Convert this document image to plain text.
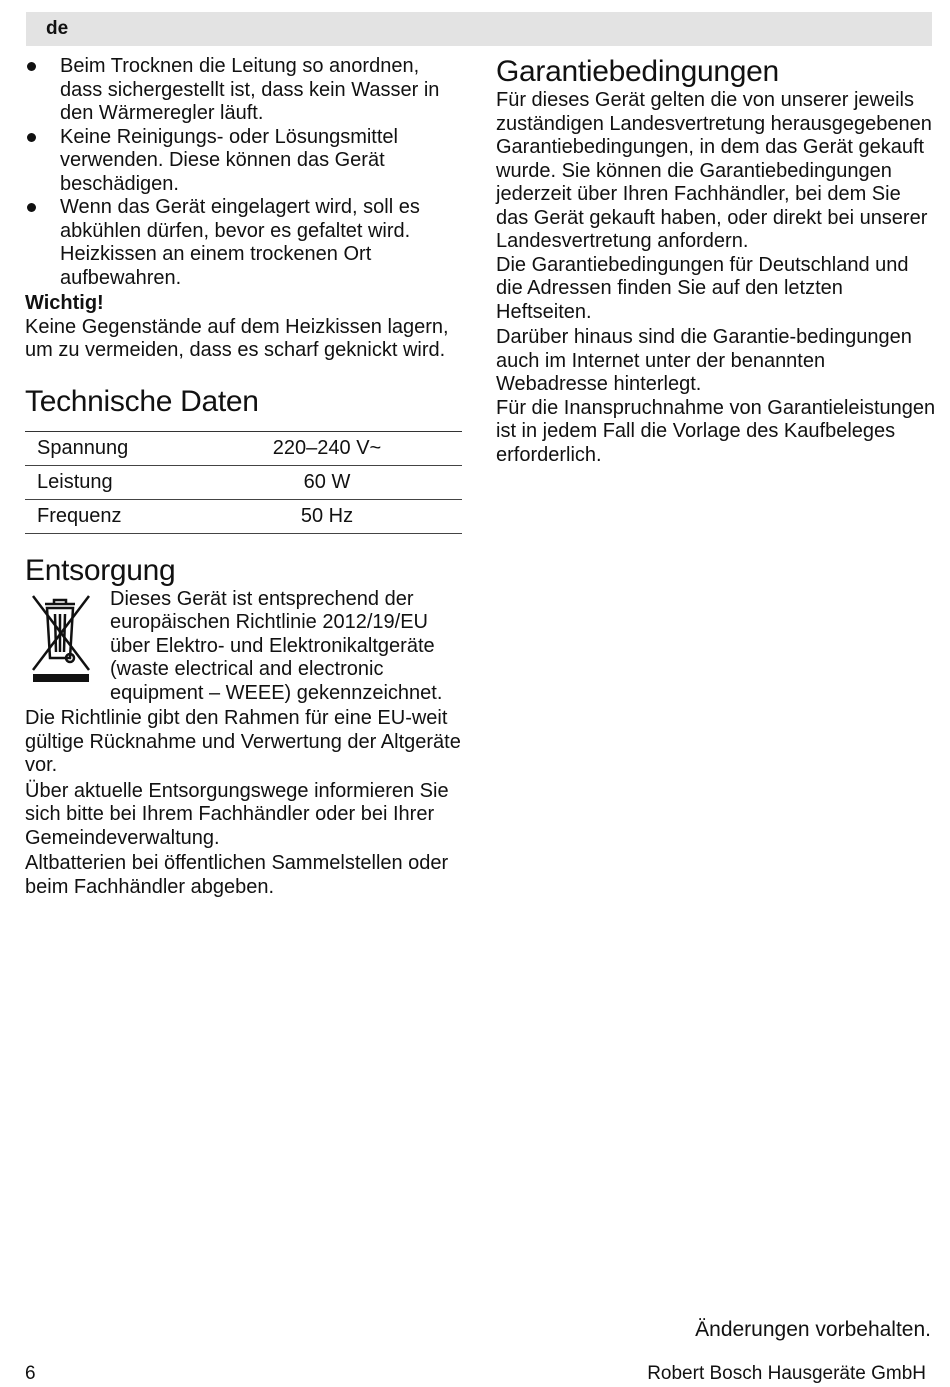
de
Beim Trocknen die Leitung so anordnen, dass sichergestellt ist, dass kein Wasser in den Wärmeregler läuft.
Keine Reinigungs- oder Lösungsmittel verwenden. Diese können das Gerät beschädigen.
Wenn das Gerät eingelagert wird, soll es abkühlen dürfen, bevor es gefaltet wird. Heizkissen an einem trockenen Ort aufbewahren.
Wichtig!
Keine Gegenstände auf dem Heizkissen lagern, um zu vermeiden, dass es scharf geknickt wird.
Technische Daten
Spannung	220–240 V~
Leistung	60 W
Frequenz	50 Hz
Entsorgung
Dieses Gerät ist entsprechend der europäischen Richtlinie 2012/19/EU über Elektro- und Elektronikaltgeräte (waste electrical and electronic equipment – WEEE) gekennzeichnet.
Die Richtlinie gibt den Rahmen für eine EU-weit gültige Rücknahme und Verwertung der Altgeräte vor.
Über aktuelle Entsorgungswege informieren Sie sich bitte bei Ihrem Fachhändler oder bei Ihrer Gemeindeverwaltung.
Altbatterien bei öffentlichen Sammelstellen oder beim Fachhändler abgeben.
Garantiebedingungen
Für dieses Gerät gelten die von unserer jeweils zuständigen Landesvertretung herausgegebenen Garantiebedingungen, in dem das Gerät gekauft wurde. Sie können die Garantiebedingungen jederzeit über Ihren Fachhändler, bei dem Sie das Gerät gekauft haben, oder direkt bei unserer Landesvertretung anfordern.
Die Garantiebedingungen für Deutschland und die Adressen finden Sie auf den letzten Heftseiten.
Darüber hinaus sind die Garantie-bedingungen auch im Internet unter der benannten Webadresse hinterlegt.
Für die Inanspruchnahme von Garantieleistungen ist in jedem Fall die Vorlage des Kaufbeleges erforderlich.
Änderungen vorbehalten.
6	Robert Bosch Hausgeräte GmbH
